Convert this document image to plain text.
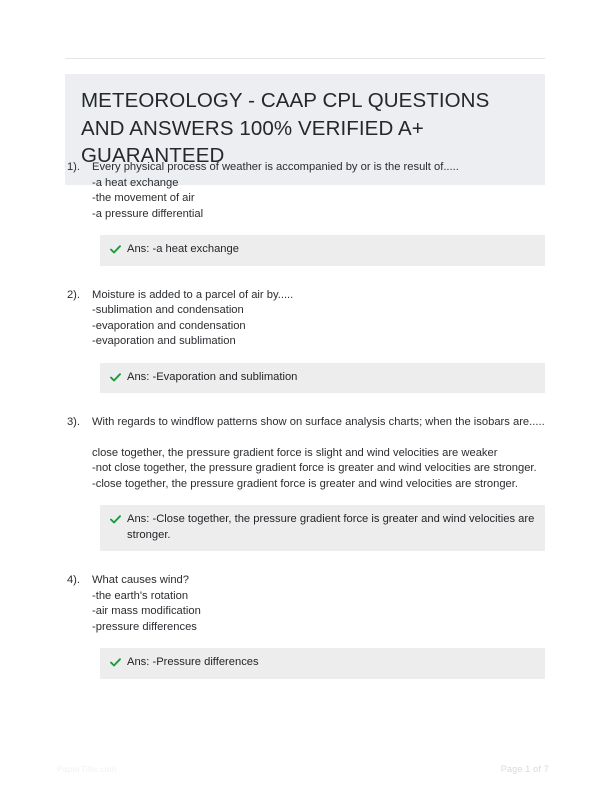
METEOROLOGY - CAAP CPL QUESTIONS AND ANSWERS 100% VERIFIED A+ GUARANTEED
1).	Every physical process of weather is accompanied by or is the result of.....

-a heat exchange
-the movement of air
-a pressure differential
Ans: -a heat exchange
2).	Moisture is added to a parcel of air by.....

-sublimation and condensation
-evaporation and condensation
-evaporation and sublimation
Ans: -Evaporation and sublimation
3).	With regards to windflow patterns show on surface analysis charts; when the isobars are.....

close together, the pressure gradient force is slight and wind velocities are weaker
-not close together, the pressure gradient force is greater and wind velocities are stronger.
-close together, the pressure gradient force is greater and wind velocities are stronger.
Ans: -Close together, the pressure gradient force is greater and wind velocities are stronger.
4).	What causes wind?

-the earth's rotation
-air mass modification
-pressure differences
Ans: -Pressure differences
PaperTitle.com	Page 1 of 7
